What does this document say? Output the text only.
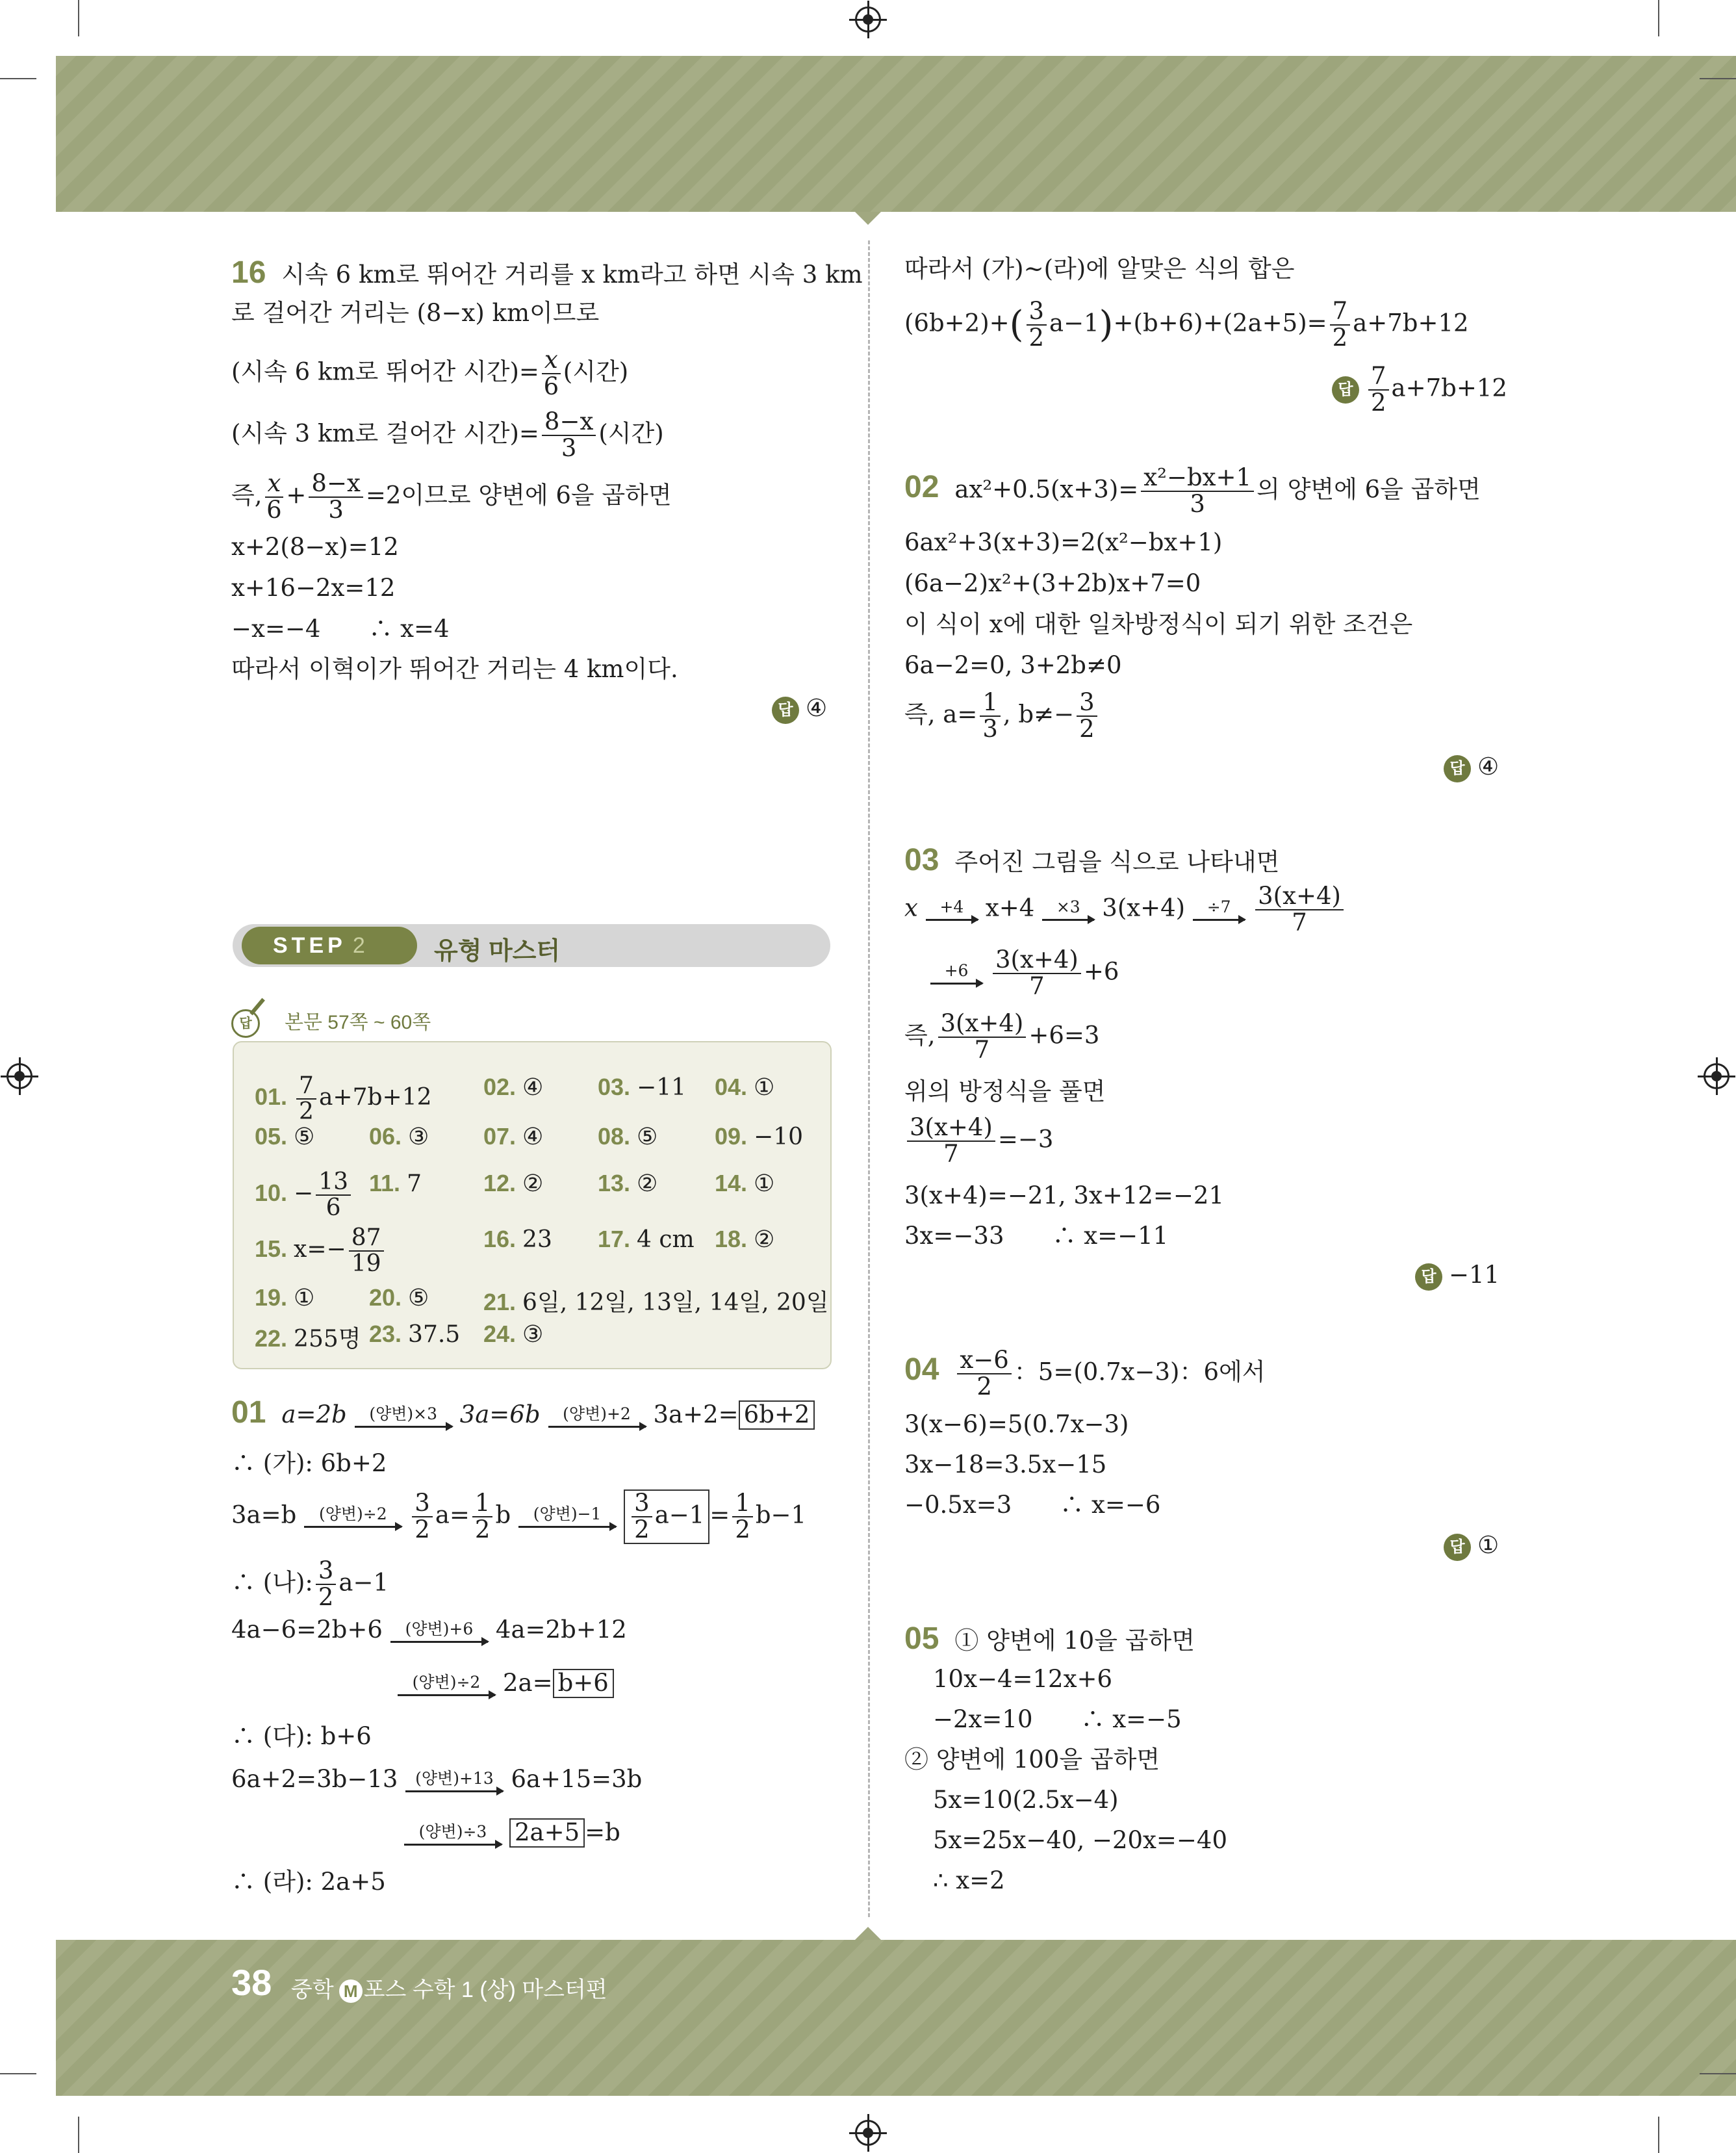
16 시속 6 km로 뛰어간 거리를 x km라고 하면 시속 3 km
로 걸어간 거리는 (8−x) km이므로
(시속 6 km로 뛰어간 시간)= $\frac{x}{6}$ (시간)
(시속 3 km로 걸어간 시간)= $\frac{8-x}{3}$ (시간)
즉, $\frac{x}{6} + \frac{8-x}{3} =2$이므로 양변에 6을 곱하면
x+2(8−x)=12
x+16−2x=12
−x=−4　　∴ x=4
따라서 이혁이가 뛰어간 거리는 4 km이다.
답 ④
STEP 2	유형 마스터
답	본문 57쪽 ~ 60쪽
01. $\frac{7}{2} a+7b+12$ 02. ④ 03. −11 04. ①
05. ⑤ 06. ③ 07. ④ 08. ⑤ 09. −10
10. − $\frac{13}{6} 11$. 7	12. ② 13. ② 14. ①
15. $x=- \frac{87}{19}$	16. 23 17. 4 cm 18. ②
19. ① 20. ⑤ 21. 6일, 12일, 13일, 14일, 20일
22. 255명 23. 37.5 24. ③
01 a=2b	(양변)×3 3a=6b	(양변)+2 3a+2= 6b+2
∴ (가): 6b+2
3a=b	(양변)÷2	$\frac{3}{2} a= \frac{1}{2}$ b	(양변)−1	$\frac{3}{2} a-1 = \frac{1}{2} b-1$
∴ (나): $\frac{3}{2} a-1$
4a−6=2b+6	(양변)+6 4a=2b+12
(양변)÷2 2a= b+6
∴ (다): b+6
6a+2=3b−13	(양변)+13 6a+15=3b
(양변)÷3	2a+5 =b
∴ (라): 2a+5
따라서 (가)~(라)에 알맞은 식의 합은
$(6b+2)+( \frac{3}{2} a-1)+(b+6)+(2a+5)= \frac{7}{2} a+7b+12$
답 $\frac{7}{2} a+7b+12$
02 $ax^2+0.5(x+3)= \frac{\text{x²−bx+1}}{3}$ 의 양변에 6을 곱하면
6ax²+3(x+3)=2(x²−bx+1)
(6a−2)x²+(3+2b)x+7=0
이 식이 x에 대한 일차방정식이 되기 위한 조건은
6a−2=0, 3+2b≠0
즉, $a= \frac{1}{3}$ , $b\ne- \frac{3}{2}$
답 ④
03 주어진 그림을 식으로 나타내면
x	+4 x+4	×3 3(x+4)	÷7	$\frac{3(x+4)}{7}$
+6	$\frac{3(x+4)}{7} +6$
즉, $\frac{3(x+4)}{7} +6=3$
위의 방정식을 풀면
$\frac{3(x+4)}{7} =-3$
3(x+4)=−21, 3x+12=−21
3x=−33　　∴ x=−11
답 −11
$04 \frac{x-6}{2}$ ：5=(0.7x−3)：6에서
3(x−6)=5(0.7x−3)
3x−18=3.5x−15
−0.5x=3　　∴ x=−6
답 ①
05 ① 양변에 10을 곱하면
10x−4=12x+6
−2x=10　　∴ x=−5
② 양변에 100을 곱하면
5x=10(2.5x−4)
5x=25x−40, −20x=−40
∴ x=2
38 중학 M 포스 수학 1 (상) 마스터편
